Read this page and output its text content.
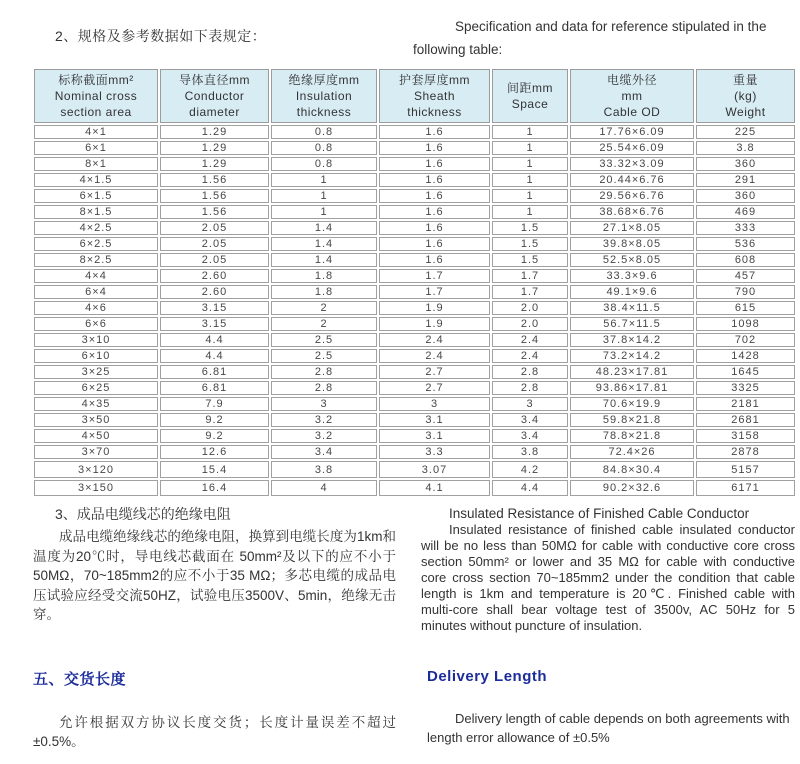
2、规格及参考数据如下表规定：
Specification and data for reference stipulated in the following table:
标称截面mm²
Nominal cross
section area	导体直径mm
Conductor
diameter	绝缘厚度mm
Insulation
thickness	护套厚度mm
Sheath
thickness	间距mm
Space	电缆外径
mm
Cable OD	重量
(kg)
Weight
4×1	1.29	0.8	1.6	1	17.76×6.09	225
6×1	1.29	0.8	1.6	1	25.54×6.09	3.8
8×1	1.29	0.8	1.6	1	33.32×3.09	360
4×1.5	1.56	1	1.6	1	20.44×6.76	291
6×1.5	1.56	1	1.6	1	29.56×6.76	360
8×1.5	1.56	1	1.6	1	38.68×6.76	469
4×2.5	2.05	1.4	1.6	1.5	27.1×8.05	333
6×2.5	2.05	1.4	1.6	1.5	39.8×8.05	536
8×2.5	2.05	1.4	1.6	1.5	52.5×8.05	608
4×4	2.60	1.8	1.7	1.7	33.3×9.6	457
6×4	2.60	1.8	1.7	1.7	49.1×9.6	790
4×6	3.15	2	1.9	2.0	38.4×11.5	615
6×6	3.15	2	1.9	2.0	56.7×11.5	1098
3×10	4.4	2.5	2.4	2.4	37.8×14.2	702
6×10	4.4	2.5	2.4	2.4	73.2×14.2	1428
3×25	6.81	2.8	2.7	2.8	48.23×17.81	1645
6×25	6.81	2.8	2.7	2.8	93.86×17.81	3325
4×35	7.9	3	3	3	70.6×19.9	2181
3×50	9.2	3.2	3.1	3.4	59.8×21.8	2681
4×50	9.2	3.2	3.1	3.4	78.8×21.8	3158
3×70	12.6	3.4	3.3	3.8	72.4×26	2878
3×120	15.4	3.8	3.07	4.2	84.8×30.4	5157
3×150	16.4	4	4.1	4.4	90.2×32.6	6171

3、成品电缆线芯的绝缘电阻

成品电缆绝缘线芯的绝缘电阻，换算到电缆长度为1km和温度为20℃时，导电线芯截面在 50mm²及以下的应不小于50MΩ，70~185mm2的应不小于35 MΩ；多芯电缆的成品电压试验应经受交流50HZ，试验电压3500V、5min，绝缘无击穿。

Insulated Resistance of Finished Cable Conductor

Insulated resistance of finished cable insulated conductor will be no less than 50MΩ for cable with conductive core cross section 50mm² or lower and 35 MΩ for cable with conductive core cross section 70~185mm2 under the condition that cable length is 1km and temperature is 20℃. Finished cable with multi-core shall bear voltage test of 3500v, AC 50Hz for 5 minutes without puncture of insulation.

五、交货长度

允许根据双方协议长度交货；长度计量误差不超过±0.5%。

Delivery Length

Delivery length of cable depends on both agreements with length error allowance of ±0.5%
